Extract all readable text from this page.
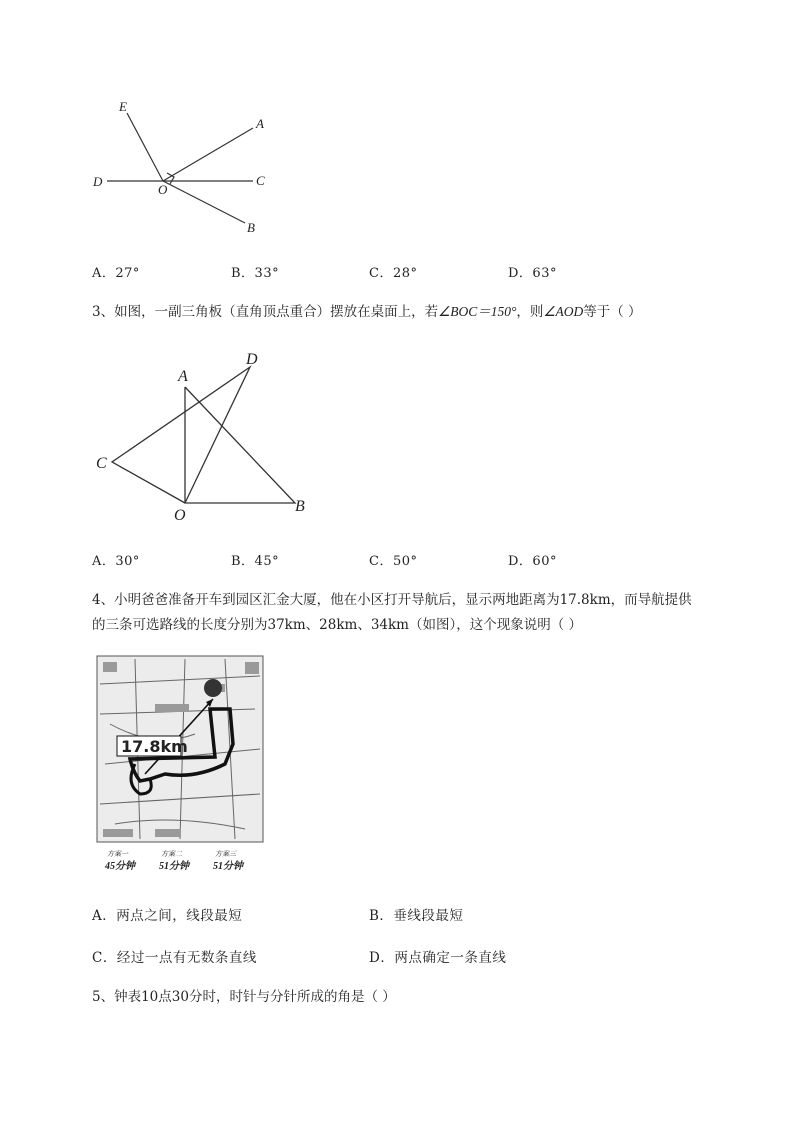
E
A
D
O
C
B
A．27°	B．33°	C．28°	D．63°
3、如图，一副三角板（直角顶点重合）摆放在桌面上，若∠BOC＝150°，则∠AOD等于（ ）
A
D
C
O
B
A．30°	B．45°	C．50°	D．60°
4、小明爸爸准备开车到园区汇金大厦，他在小区打开导航后，显示两地距离为17.8km，而导航提供
的三条可选路线的长度分别为37km、28km、34km（如图），这个现象说明（ ）
17.8km
方案一
45分钟
方案二
51分钟
方案三
51分钟
A．两点之间，线段最短	B．垂线段最短
C．经过一点有无数条直线	D．两点确定一条直线
5、钟表10点30分时，时针与分针所成的角是（ ）
